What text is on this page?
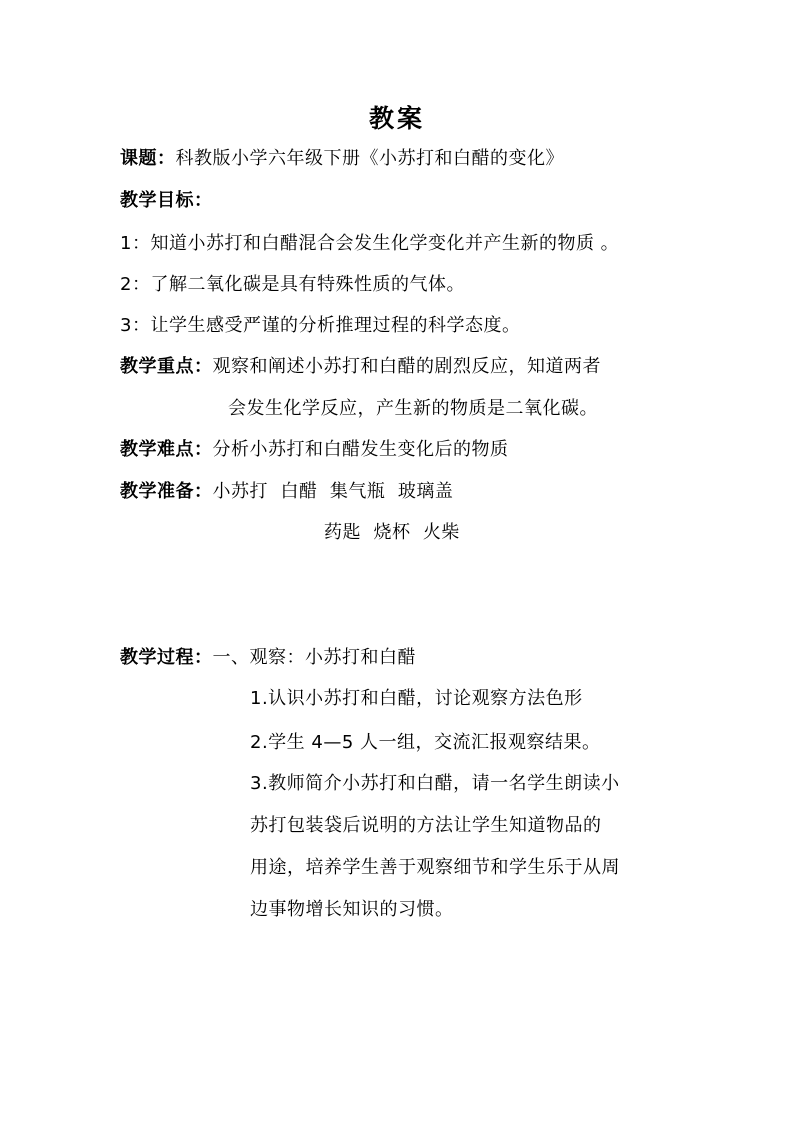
教案
课题：科教版小学六年级下册《小苏打和白醋的变化》
教学目标：
1：知道小苏打和白醋混合会发生化学变化并产生新的物质 。
2：了解二氧化碳是具有特殊性质的气体。
3：让学生感受严谨的分析推理过程的科学态度。
教学重点：观察和阐述小苏打和白醋的剧烈反应，知道两者
会发生化学反应，产生新的物质是二氧化碳。
教学难点：分析小苏打和白醋发生变化后的物质
教学准备：小苏打  白醋  集气瓶  玻璃盖
药匙  烧杯  火柴
教学过程：一、观察：小苏打和白醋
1.认识小苏打和白醋，讨论观察方法色形
2.学生 4—5 人一组，交流汇报观察结果。
3.教师简介小苏打和白醋，请一名学生朗读小
苏打包装袋后说明的方法让学生知道物品的
用途，培养学生善于观察细节和学生乐于从周
边事物增长知识的习惯。
